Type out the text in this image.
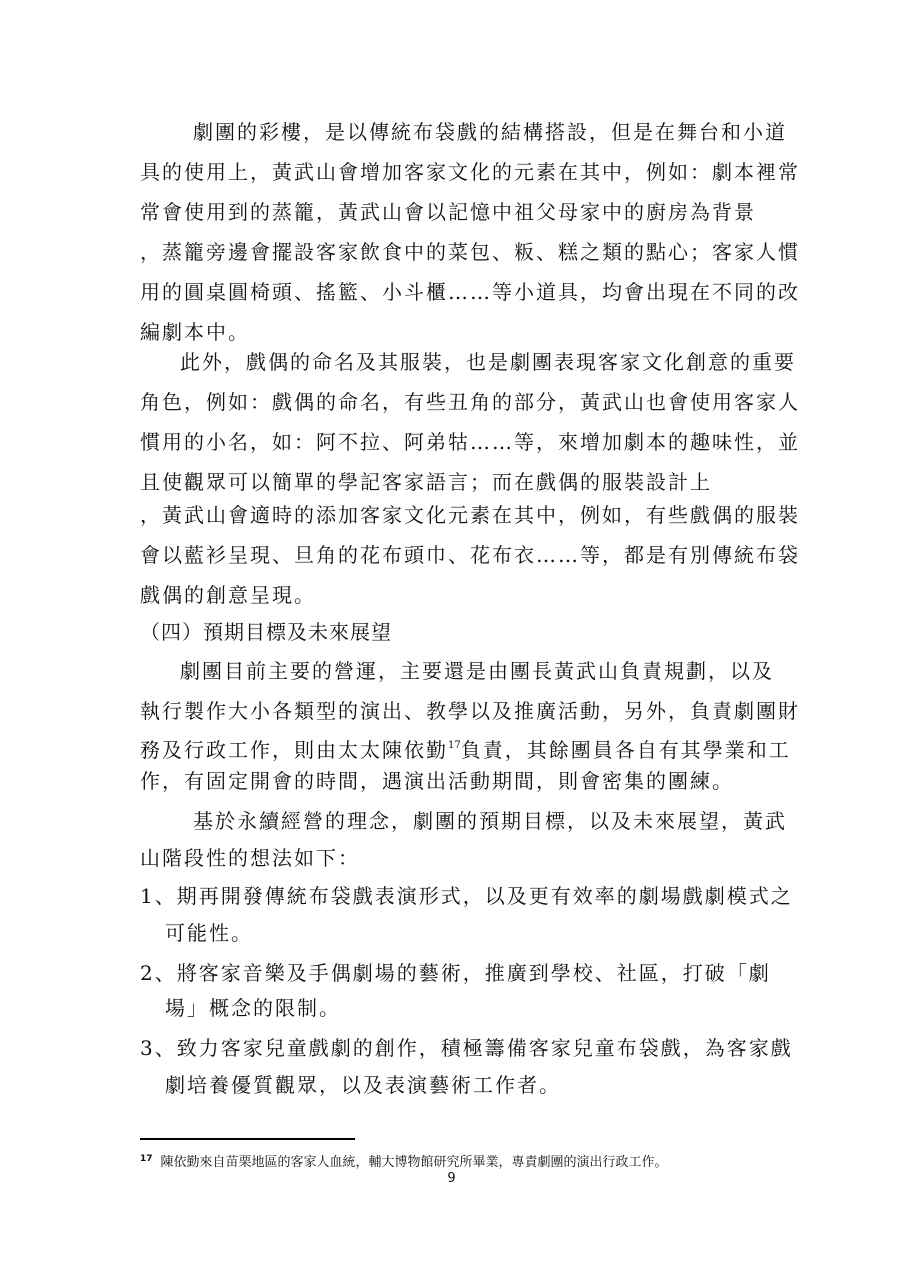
劇團的彩樓，是以傳統布袋戲的結構搭設，但是在舞台和小道
具的使用上，黃武山會增加客家文化的元素在其中，例如：劇本裡常
常會使用到的蒸籠，黃武山會以記憶中祖父母家中的廚房為背景
，蒸籠旁邊會擺設客家飲食中的菜包、粄、糕之類的點心；客家人慣
用的圓桌圓椅頭、搖籃、小斗櫃……等小道具，均會出現在不同的改
編劇本中。
此外，戲偶的命名及其服裝，也是劇團表現客家文化創意的重要
角色，例如：戲偶的命名，有些丑角的部分，黃武山也會使用客家人
慣用的小名，如：阿不拉、阿弟牯……等，來增加劇本的趣味性，並
且使觀眾可以簡單的學記客家語言；而在戲偶的服裝設計上
，黃武山會適時的添加客家文化元素在其中，例如，有些戲偶的服裝
會以藍衫呈現、旦角的花布頭巾、花布衣……等，都是有別傳統布袋
戲偶的創意呈現。
（四）預期目標及未來展望
劇團目前主要的營運，主要還是由團長黃武山負責規劃，以及
執行製作大小各類型的演出、教學以及推廣活動，另外，負責劇團財
務及行政工作，則由太太陳依勤$^{17}$負責，其餘團員各自有其學業和工
作，有固定開會的時間，遇演出活動期間，則會密集的團練。
基於永續經營的理念，劇團的預期目標，以及未來展望，黃武
山階段性的想法如下：
1、期再開發傳統布袋戲表演形式，以及更有效率的劇場戲劇模式之
可能性。
2、將客家音樂及手偶劇場的藝術，推廣到學校、社區，打破「劇
場」概念的限制。
3、致力客家兒童戲劇的創作，積極籌備客家兒童布袋戲，為客家戲
劇培養優質觀眾，以及表演藝術工作者。
$^{17}$ 陳依勤來自苗栗地區的客家人血統，輔大博物館研究所畢業，專責劇團的演出行政工作。
9
